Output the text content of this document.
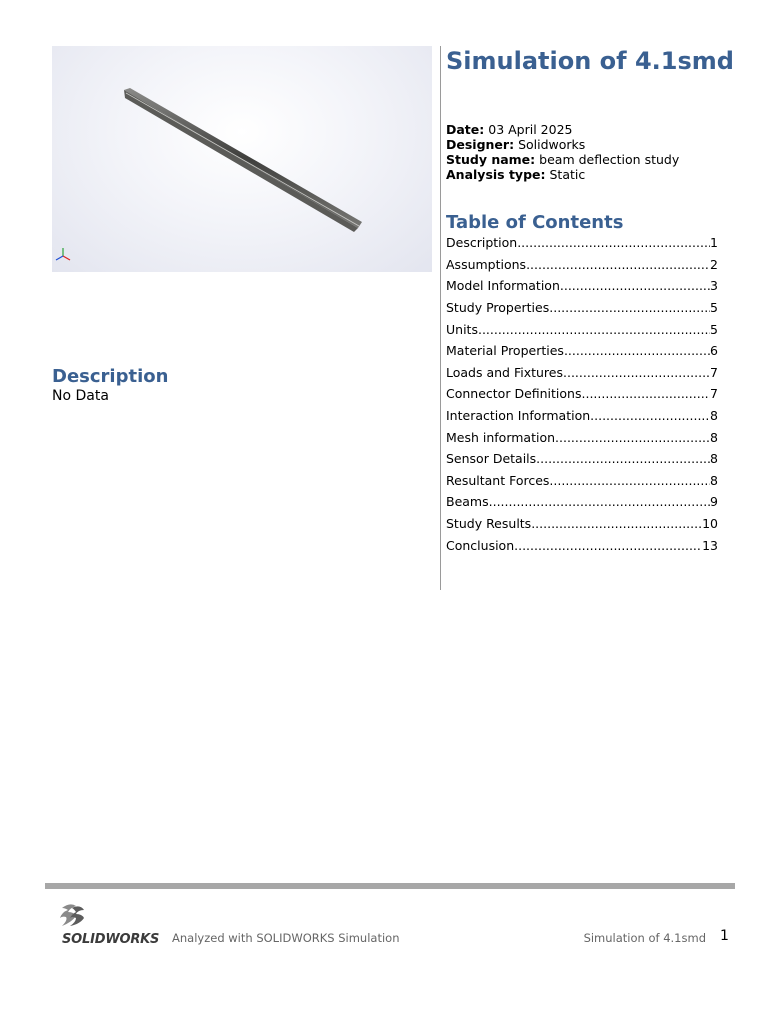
Simulation of 4.1smd
Date: 03 April 2025
Designer: Solidworks
Study name: beam deflection study
Analysis type: Static
Table of Contents
Description .....	1
Assumptions .....	2
Model Information .....	3
Study Properties .....	5
Units .....	5
Material Properties .....	6
Loads and Fixtures .....	7
Connector Definitions .....	7
Interaction Information .....	8
Mesh information .....	8
Sensor Details .....	8
Resultant Forces .....	8
Beams .....	9
Study Results .....	10
Conclusion .....	13
Description
No Data
SOLIDWORKS Analyzed with SOLIDWORKS Simulation	Simulation of 4.1smd 1
